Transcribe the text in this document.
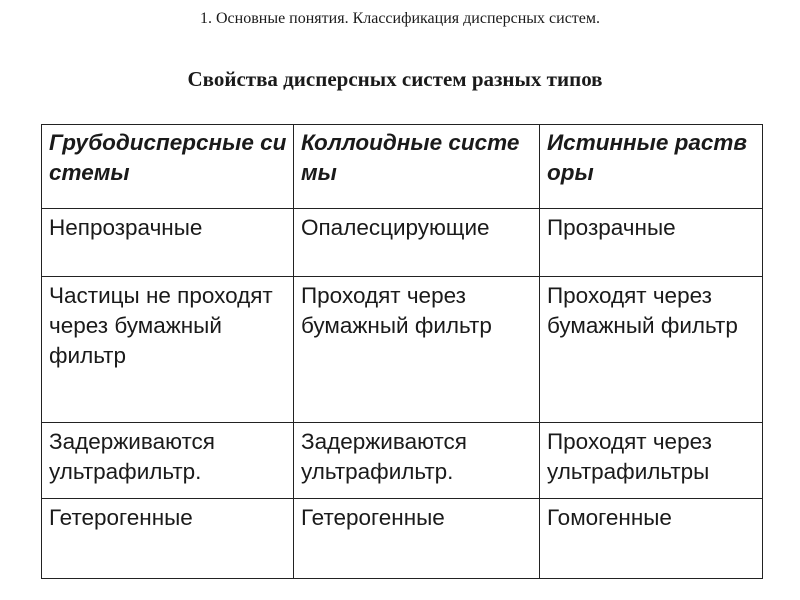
1. Основные понятия. Классификация дисперсных систем.
Свойства дисперсных систем разных типов
Грубодисперсные системы	Коллоидные системы	Истинные растворы
Непрозрачные	Опалесцирующие	Прозрачные
Частицы не проходят через бумажный фильтр	Проходят через бумажный фильтр	Проходят через бумажный фильтр
Задерживаются ультрафильтр.	Задерживаются ультрафильтр.	Проходят через ультрафильтры
Гетерогенные	Гетерогенные	Гомогенные
